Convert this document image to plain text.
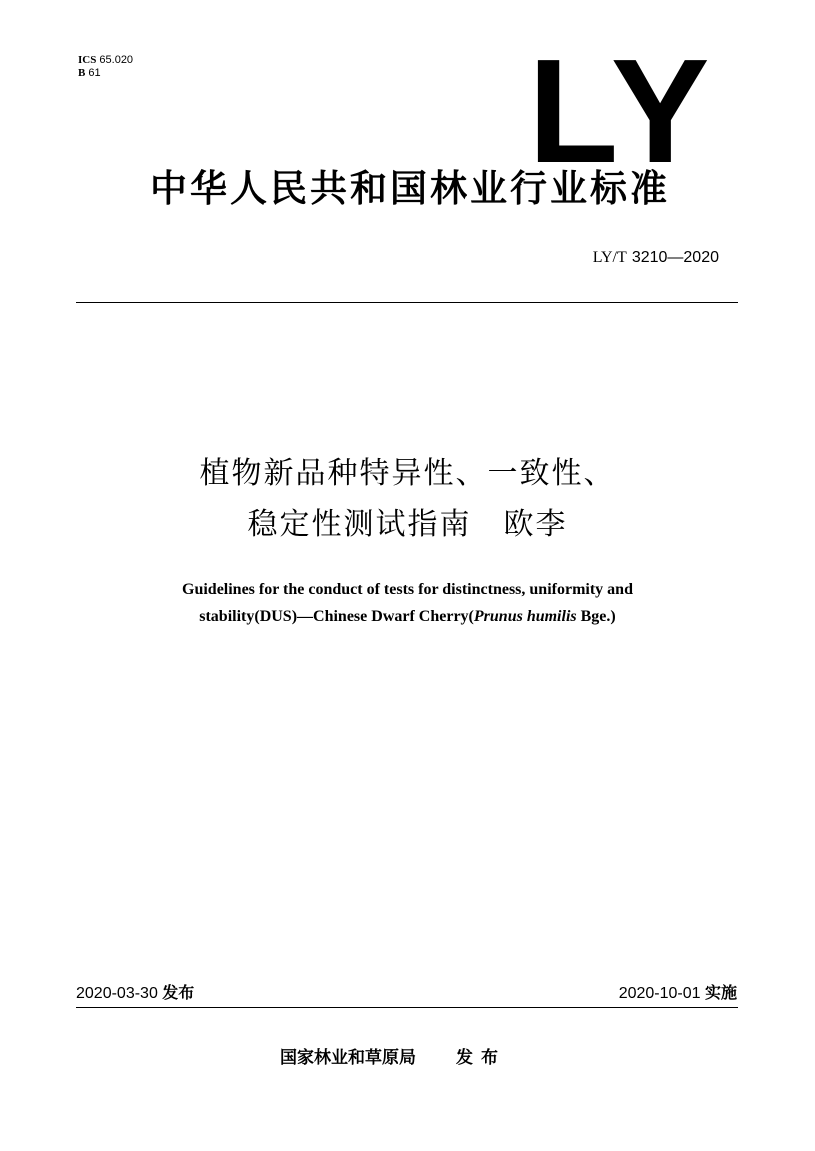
ICS 65.020
B 61	LY
中华人民共和国林业行业标准
LY/T 3210—2020
植物新品种特异性、一致性、
稳定性测试指南　欧李
Guidelines for the conduct of tests for distinctness, uniformity and
stability(DUS)—Chinese Dwarf Cherry(Prunus humilis Bge.)
2020-03-30 发布	2020-10-01 实施
国家林业和草原局 发布
